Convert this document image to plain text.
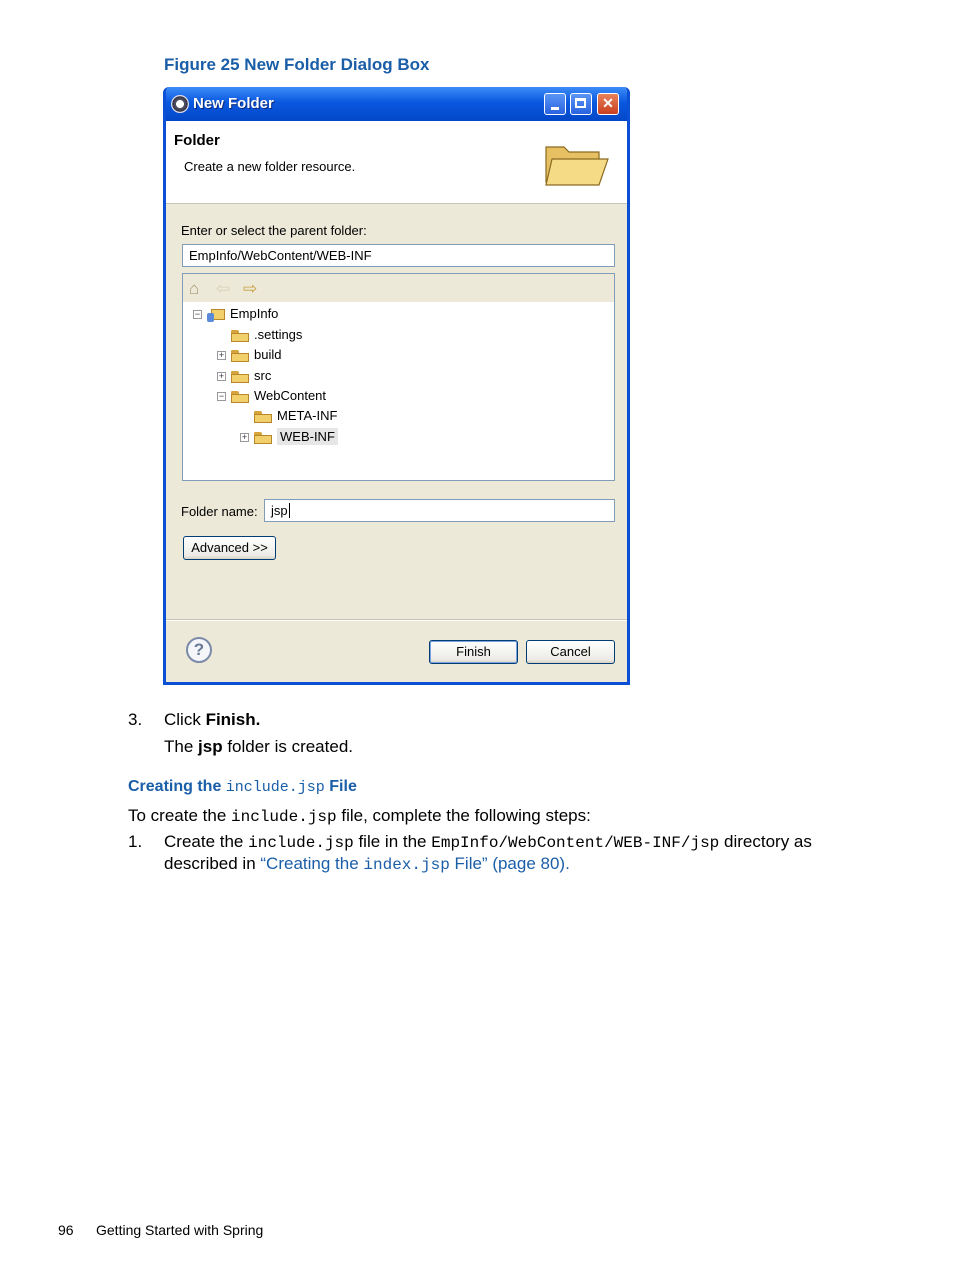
Figure 25 New Folder Dialog Box
New Folder	✕
Folder
Create a new folder resource.
Enter or select the parent folder:
EmpInfo/WebContent/WEB-INF
⌂ ⇦ ⇨
− EmpInfo
.settings
+ build
+ src
− WebContent
META-INF
+	WEB-INF
Folder name:	jsp
Advanced >>
?	Finish	Cancel
3. Click Finish.
The jsp folder is created.
Creating the include.jsp File
To create the include.jsp file, complete the following steps:
1. Create the include.jsp file in the EmpInfo/WebContent/WEB-INF/jsp directory as
described in “Creating the index.jsp File” (page 80).
96 Getting Started with Spring
